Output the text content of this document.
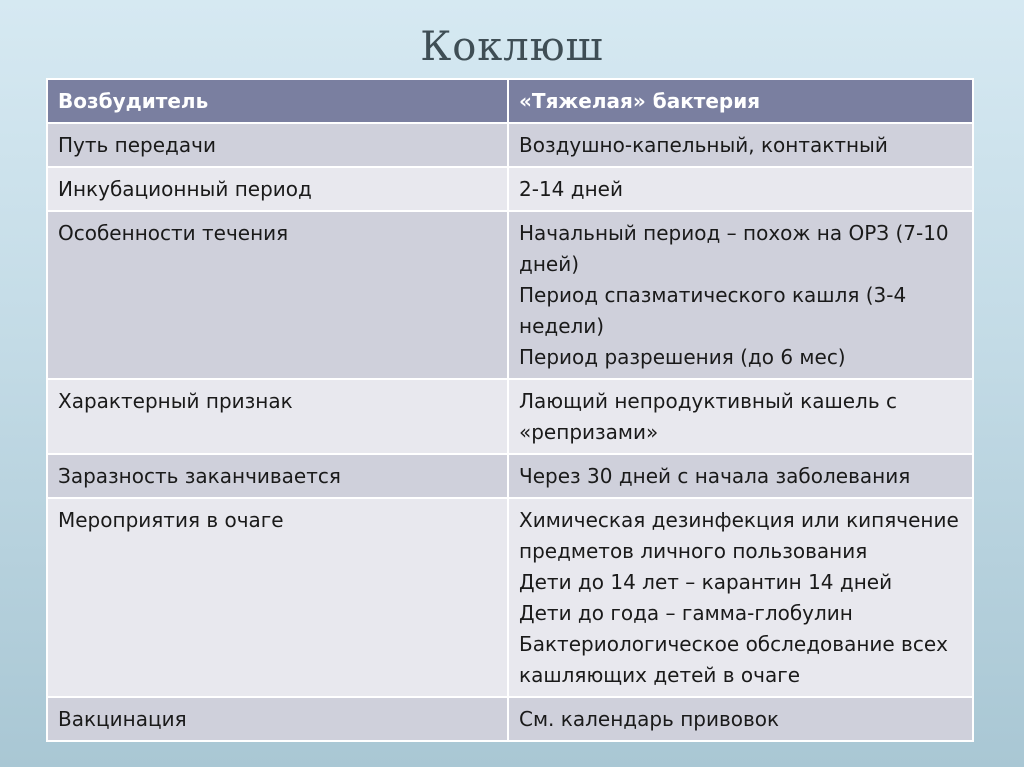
Коклюш
Возбудитель	«Тяжелая» бактерия
Путь передачи	Воздушно-капельный, контактный

Инкубационный период	2-14 дней

Особенности течения	Начальный период – похож на ОРЗ (7-10 дней)
Период спазматического кашля (3-4 недели)
Период разрешения (до 6 мес)

Характерный признак	Лающий непродуктивный кашель с «репризами»

Заразность заканчивается	Через 30 дней с начала заболевания

Мероприятия в очаге	Химическая дезинфекция или кипячение предметов личного пользования
Дети до 14 лет – карантин 14 дней
Дети до года – гамма-глобулин
Бактериологическое обследование всех кашляющих детей в очаге

Вакцинация	См. календарь привовок
